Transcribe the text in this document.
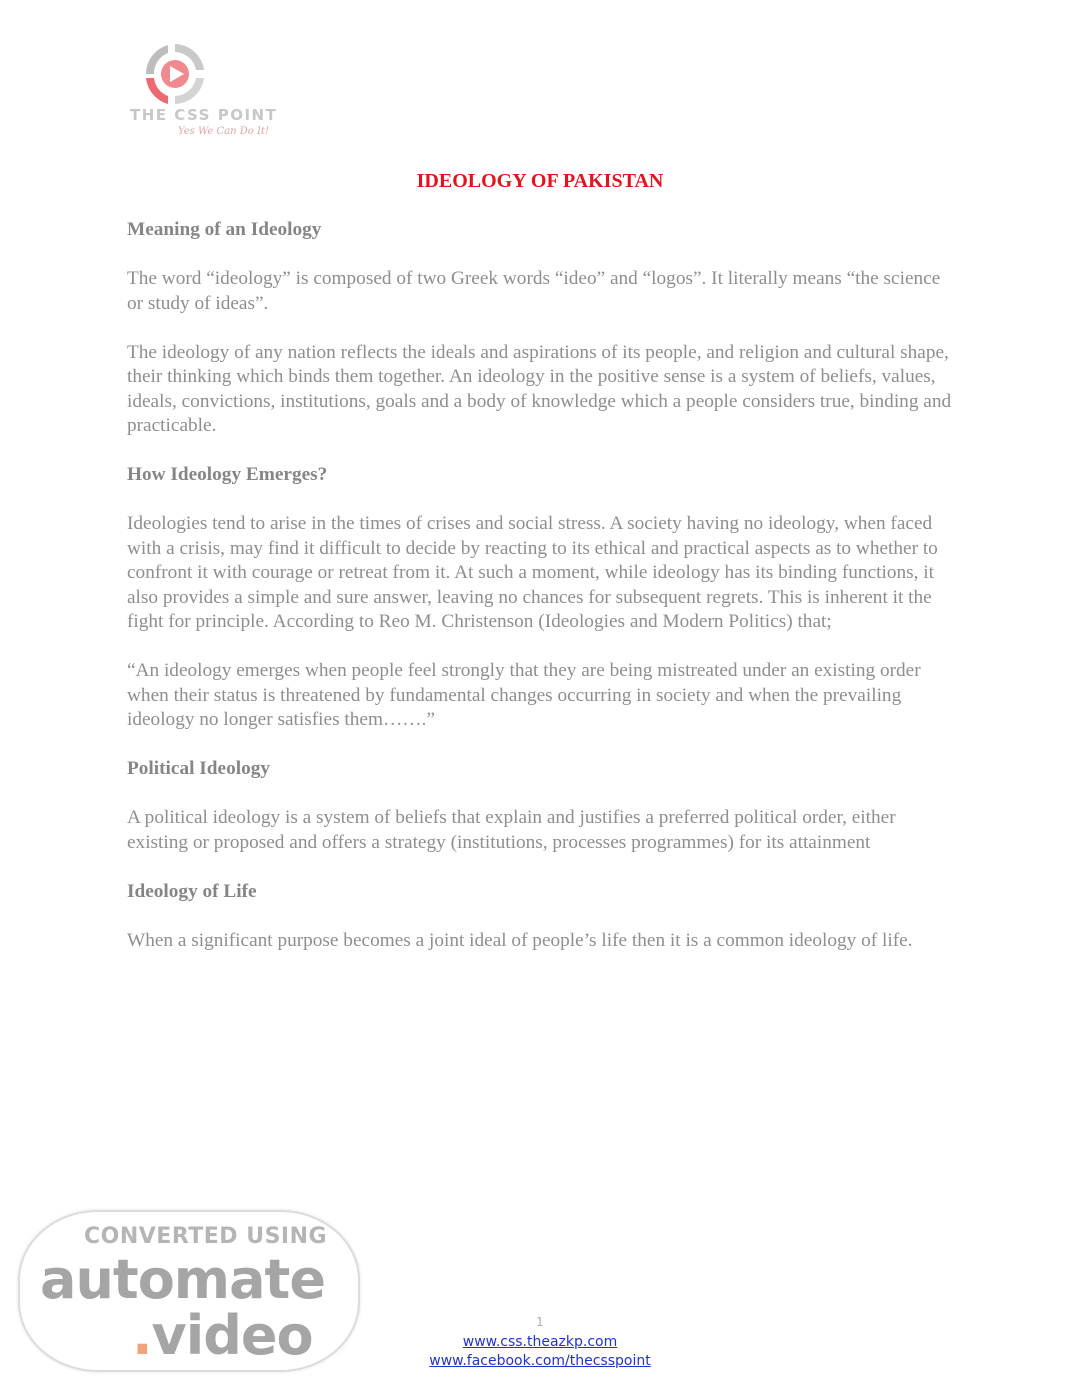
THE CSS POINT
Yes We Can Do It!
IDEOLOGY OF PAKISTAN
Meaning of an Ideology

The word “ideology” is composed of two Greek words “ideo” and “logos”. It literally means “the science or study of ideas”.

The ideology of any nation reflects the ideals and aspirations of its people, and religion and cultural shape, their thinking which binds them together. An ideology in the positive sense is a system of beliefs, values, ideals, convictions, institutions, goals and a body of knowledge which a people considers true, binding and practicable.

How Ideology Emerges?

Ideologies tend to arise in the times of crises and social stress. A society having no ideology, when faced with a crisis, may find it difficult to decide by reacting to its ethical and practical aspects as to whether to confront it with courage or retreat from it. At such a moment, while ideology has its binding functions, it also provides a simple and sure answer, leaving no chances for subsequent regrets. This is inherent it the fight for principle. According to Reo M. Christenson (Ideologies and Modern Politics) that;

“An ideology emerges when people feel strongly that they are being mistreated under an existing order when their status is threatened by fundamental changes occurring in society and when the prevailing ideology no longer satisfies them…….”

Political Ideology

A political ideology is a system of beliefs that explain and justifies a preferred political order, either existing or proposed and offers a strategy (institutions, processes programmes) for its attainment

Ideology of Life

When a significant purpose becomes a joint ideal of people’s life then it is a common ideology of life.

1
www.css.theazkp.com
www.facebook.com/thecsspoint
CONVERTED USING
automate
.video
